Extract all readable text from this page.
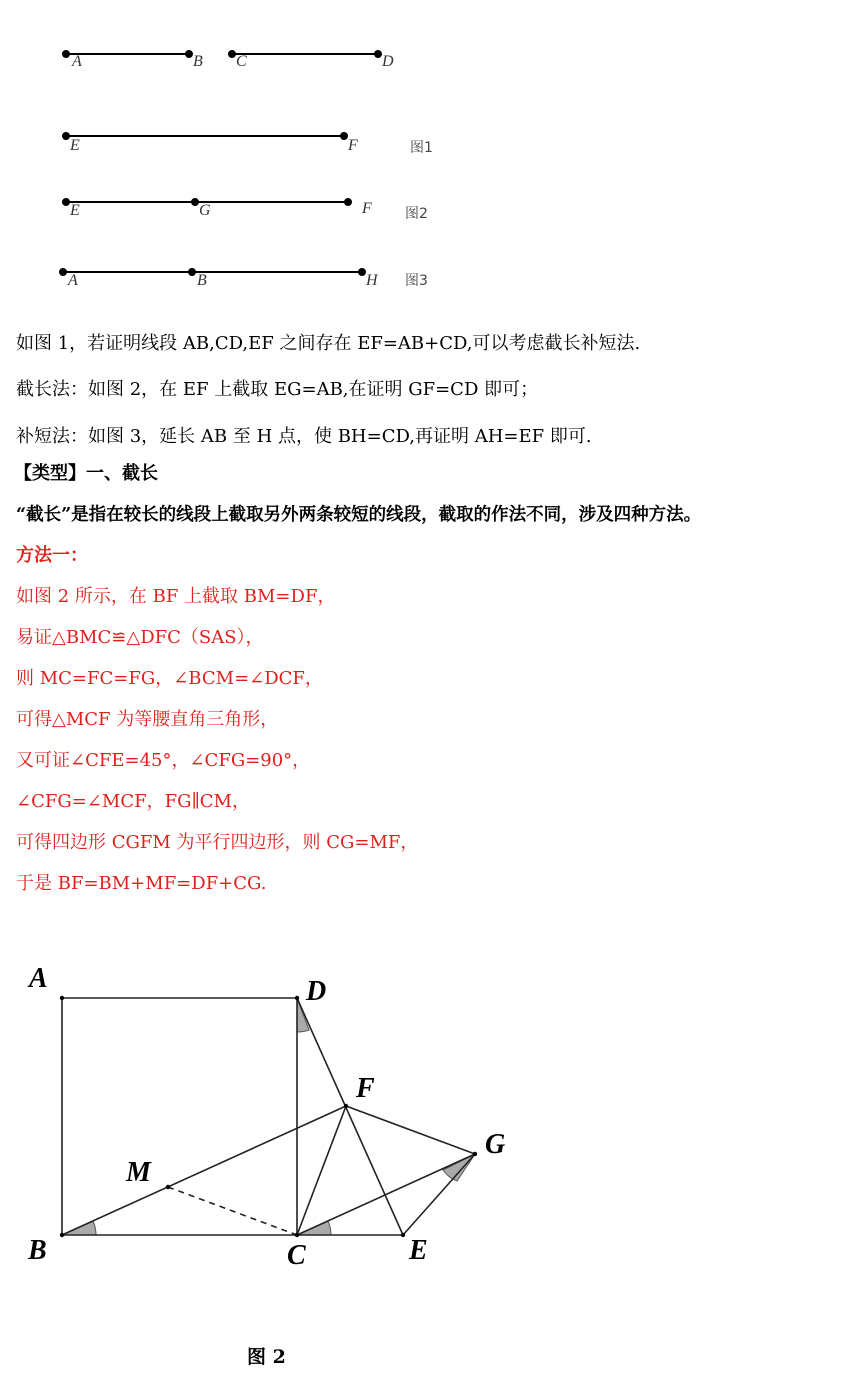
A	B C	D
E	F	图1
E	G	F 图2
A	B	H 图3
如图 1，若证明线段 AB,CD,EF 之间存在 EF=AB+CD,可以考虑截长补短法.
截长法：如图 2，在 EF 上截取 EG=AB,在证明 GF=CD 即可；
补短法：如图 3，延长 AB 至 H 点，使 BH=CD,再证明 AH=EF 即可.
【类型】一、截长
“截长”是指在较长的线段上截取另外两条较短的线段，截取的作法不同，涉及四种方法。
方法一：
如图 2 所示，在 BF 上截取 BM=DF，
易证△BMC≌△DFC（SAS），
则 MC=FC=FG，∠BCM=∠DCF，
可得△MCF 为等腰直角三角形，
又可证∠CFE=45°，∠CFG=90°，
∠CFG=∠MCF，FG∥CM，
可得四边形 CGFM 为平行四边形，则 CG=MF，
于是 BF=BM+MF=DF+CG.
A	D
F
G
M
B	C	E
图 2
